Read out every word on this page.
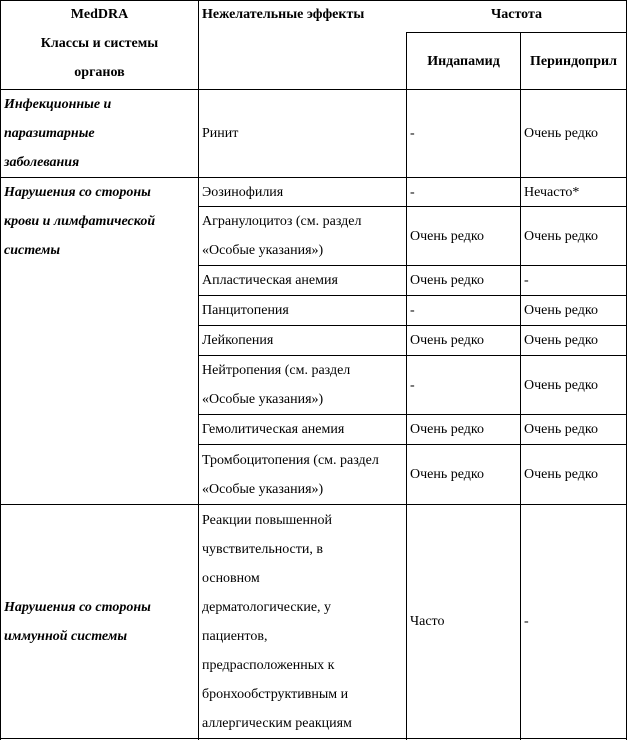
MedDRA
Классы и системы
органов
Нежелательные эффекты	Частота
Индапамид Периндоприл
Инфекционные и
паразитарные
заболевания
Ринит	-	Очень редко
Нарушения со стороны
крови и лимфатической
системы
Эозинофилия	-	Нечасто*
Агранулоцитоз (см. раздел
«Особые указания»)
Очень редко	Очень редко
Апластическая анемия	Очень редко	-
Панцитопения	-	Очень редко
Лейкопения	Очень редко	Очень редко
Нейтропения (см. раздел
«Особые указания»)
-	Очень редко
Гемолитическая анемия	Очень редко	Очень редко
Тромбоцитопения (см. раздел
«Особые указания»)
Очень редко	Очень редко
Нарушения со стороны
иммунной системы
Реакции повышенной
чувствительности, в
основном
дерматологические, у
пациентов,
предрасположенных к
бронхообструктивным и
аллергическим реакциям
Часто	-
